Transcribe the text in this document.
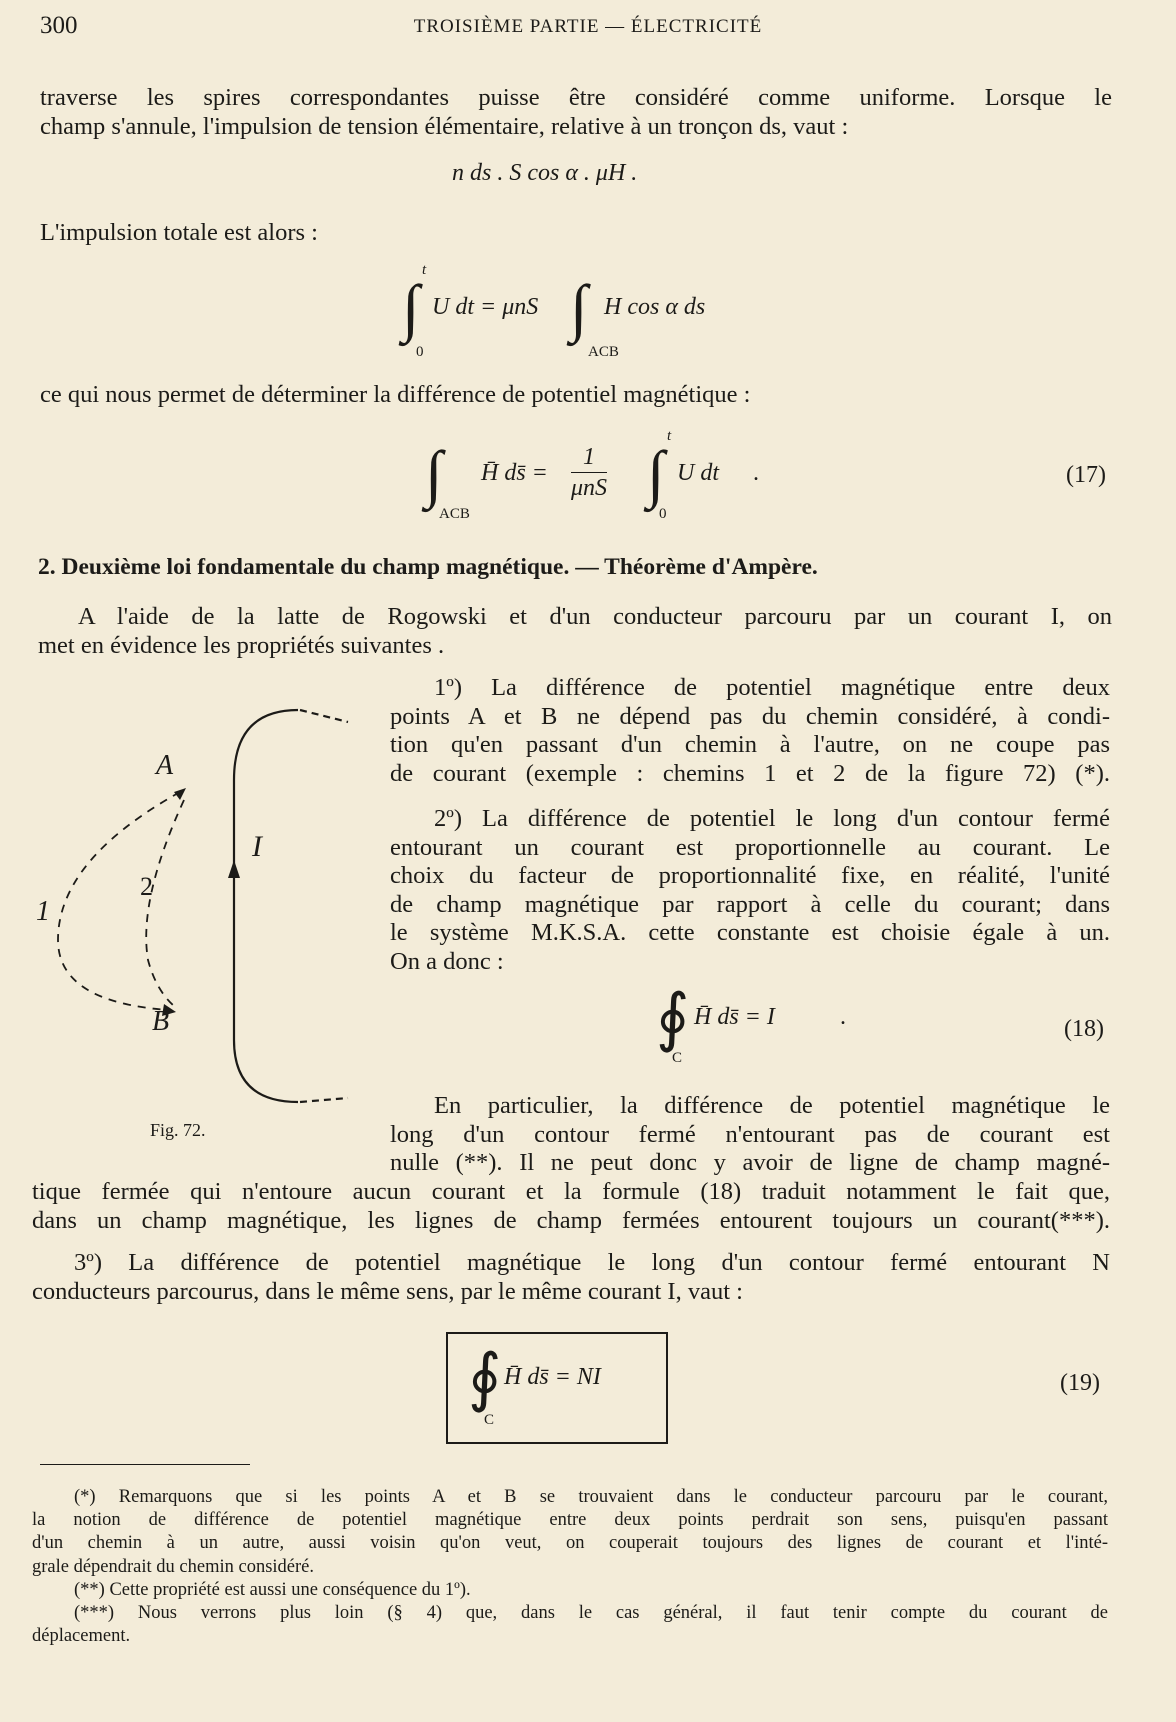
300	TROISIÈME PARTIE — ÉLECTRICITÉ
traverse les spires correspondantes puisse être considéré comme uniforme. Lorsque le
champ s'annule, l'impulsion de tension élémentaire, relative à un tronçon ds, vaut :
n ds . S cos α . μH .
L'impulsion totale est alors :
t
∫
0
U dt = μnS ∫
ACB
H cos α ds
ce qui nous permet de déterminer la différence de potentiel magnétique :
∫
ACB
H̄ ds̄ = $\frac{1}{\text{μnS}}$
t
∫
0
U dt .	(17)
2. Deuxième loi fondamentale du champ magnétique. — Théorème d'Ampère.
A l'aide de la latte de Rogowski et d'un conducteur parcouru par un courant I, on
met en évidence les propriétés suivantes .
A
B
I
1
2
Fig. 72.
1º) La différence de potentiel magnétique entre deux
points A et B ne dépend pas du chemin considéré, à condi-
tion qu'en passant d'un chemin à l'autre, on ne coupe pas
de courant (exemple : chemins 1 et 2 de la figure 72) (*).
2º) La différence de potentiel le long d'un contour fermé
entourant un courant est proportionnelle au courant. Le
choix du facteur de proportionnalité fixe, en réalité, l'unité
de champ magnétique par rapport à celle du courant; dans
le système M.K.S.A. cette constante est choisie égale à un.
On a donc :
∮
C
H̄ ds̄ = I	.	(18)
En particulier, la différence de potentiel magnétique le
long d'un contour fermé n'entourant pas de courant est
nulle (**). Il ne peut donc y avoir de ligne de champ magné-
tique fermée qui n'entoure aucun courant et la formule (18) traduit notamment le fait que,
dans un champ magnétique, les lignes de champ fermées entourent toujours un courant(***).
3º) La différence de potentiel magnétique le long d'un contour fermé entourant N
conducteurs parcourus, dans le même sens, par le même courant I, vaut :
∮
C
H̄ ds̄ = NI	(19)
(*) Remarquons que si les points A et B se trouvaient dans le conducteur parcouru par le courant,
la notion de différence de potentiel magnétique entre deux points perdrait son sens, puisqu'en passant
d'un chemin à un autre, aussi voisin qu'on veut, on couperait toujours des lignes de courant et l'inté-
grale dépendrait du chemin considéré.
(**) Cette propriété est aussi une conséquence du 1º).
(***) Nous verrons plus loin (§ 4) que, dans le cas général, il faut tenir compte du courant de
déplacement.
